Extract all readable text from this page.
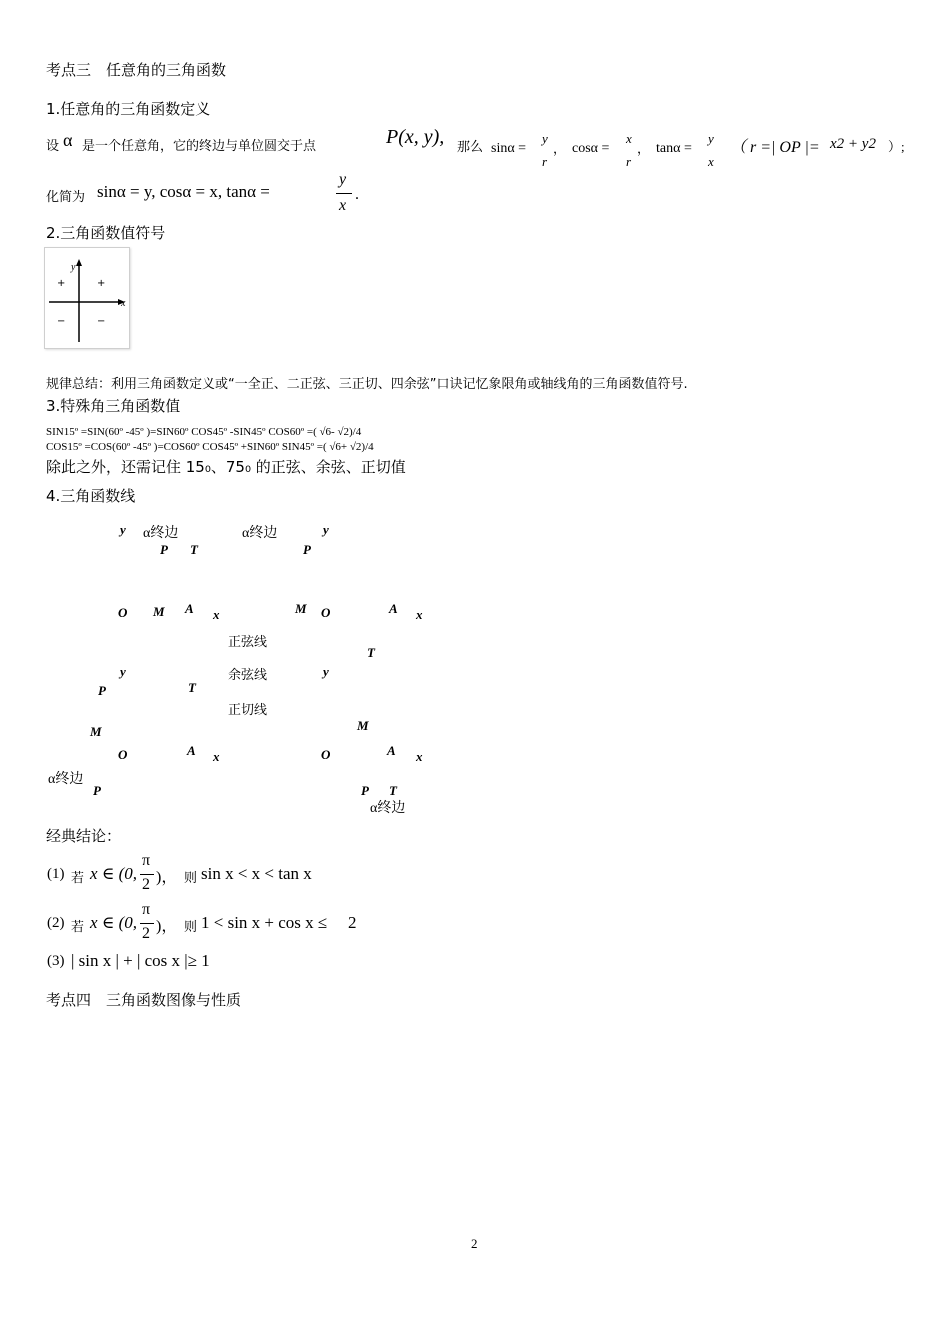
考点三　任意角的三角函数
1.任意角的三角函数定义
设 α 是一个任意角，它的终边与单位圆交于点	P(x, y), 那么 sinα =
y
r
， cosα =
x
r
， tanα =
y
x
（ r =| OP |= x2 + y2 ）;
化简为 sinα = y, cosα = x, tanα =
y
x
.
2.三角函数值符号
y
x
+	+
−	−
规律总结：利用三角函数定义或“一全正、二正弦、三正切、四余弦”口诀记忆象限角或轴线角的三角函数值符号.
3.特殊角三角函数值
SIN15º =SIN(60º -45º )=SIN60º COS45º -SIN45º COS60º =( √6- √2)/4
COS15º =COS(60º -45º )=COS60º COS45º +SIN60º SIN45º =( √6+ √2)/4
除此之外，还需记住 15₀、75₀ 的正弦、余弦、正切值
4.三角函数线
y α终边
P T
O M A x
α终边	y
P
M O	A x
T
正弦线
余弦线
正切线
y
P	T
M
O	A x
α终边
P
y
M
O	A x
P T
α终边
经典结论：
(1) 若 x ∈ (0,
π
2 )， 则 sin x < x < tan x
(2) 若 x ∈ (0,
π
2 )， 则 1 < sin x + cos x ≤ 2
(3) | sin x | + | cos x |≥ 1
考点四　三角函数图像与性质
2
